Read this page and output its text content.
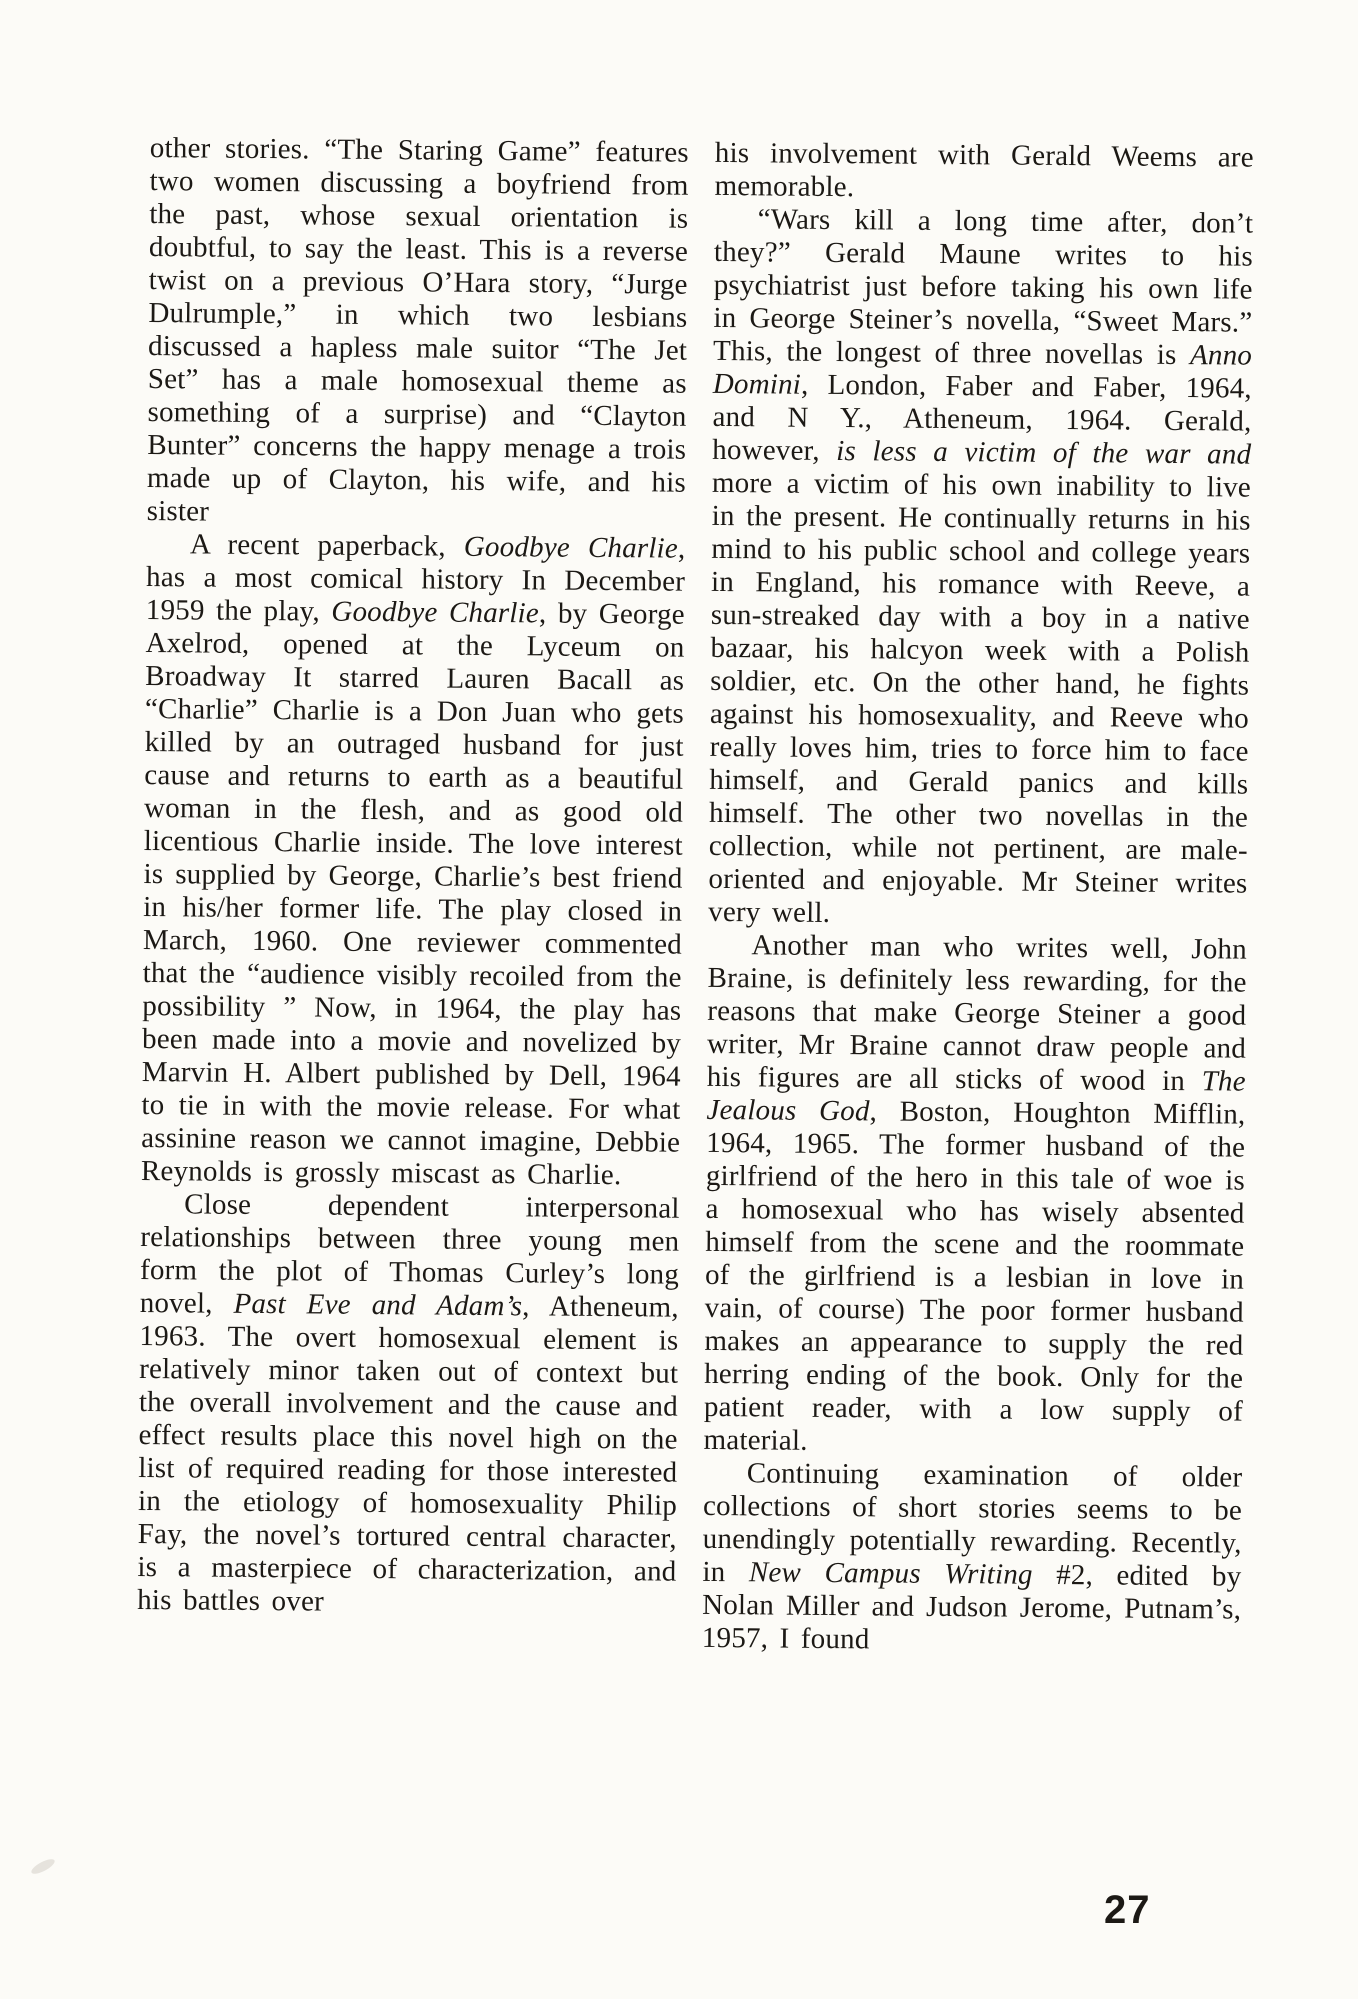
other stories. “The Staring Game” features two women discussing a boyfriend from the past, whose sexual orientation is doubtful, to say the least. This is a reverse twist on a previous O’Hara story, “Jurge Dulrumple,” in which two lesbians discussed a hapless male suitor “The Jet Set” has a male homosexual theme as something of a surprise) and “Clayton Bunter” concerns the happy menage a trois made up of Clayton, his wife, and his sister

A recent paperback, Goodbye Charlie, has a most comical history In December 1959 the play, Goodbye Charlie, by George Axelrod, opened at the Lyceum on Broadway It starred Lauren Bacall as “Charlie” Charlie is a Don Juan who gets killed by an outraged husband for just cause and returns to earth as a beautiful woman in the flesh, and as good old licentious Charlie inside. The love interest is supplied by George, Charlie’s best friend in his/her former life. The play closed in March, 1960. One reviewer commented that the “audience visibly recoiled from the possibility ” Now, in 1964, the play has been made into a movie and novelized by Marvin H. Albert published by Dell, 1964 to tie in with the movie release. For what assinine reason we cannot imagine, Debbie Reynolds is grossly miscast as Charlie.

Close dependent interpersonal relationships between three young men form the plot of Thomas Curley’s long novel, Past Eve and Adam’s, Atheneum, 1963. The overt homosexual element is relatively minor taken out of context but the overall involvement and the cause and effect results place this novel high on the list of required reading for those interested in the etiology of homosexuality Philip Fay, the novel’s tortured central character, is a masterpiece of characterization, and his battles over

his involvement with Gerald Weems are memorable.

“Wars kill a long time after, don’t they?” Gerald Maune writes to his psychiatrist just before taking his own life in George Steiner’s novella, “Sweet Mars.” This, the longest of three novellas is Anno Domini, London, Faber and Faber, 1964, and N Y., Atheneum, 1964. Gerald, however, is less a victim of the war and more a victim of his own inability to live in the present. He continually returns in his mind to his public school and college years in England, his romance with Reeve, a sun-streaked day with a boy in a native bazaar, his halcyon week with a Polish soldier, etc. On the other hand, he fights against his homosexuality, and Reeve who really loves him, tries to force him to face himself, and Gerald panics and kills himself. The other two novellas in the collection, while not pertinent, are male-oriented and enjoyable. Mr Steiner writes very well.

Another man who writes well, John Braine, is definitely less rewarding, for the reasons that make George Steiner a good writer, Mr Braine cannot draw people and his figures are all sticks of wood in The Jealous God, Boston, Houghton Mifflin, 1964, 1965. The former husband of the girlfriend of the hero in this tale of woe is a homosexual who has wisely absented himself from the scene and the roommate of the girlfriend is a lesbian in love in vain, of course) The poor former husband makes an appearance to supply the red herring ending of the book. Only for the patient reader, with a low supply of material.

Continuing examination of older collections of short stories seems to be unendingly potentially rewarding. Recently, in New Campus Writing #2, edited by Nolan Miller and Judson Jerome, Putnam’s, 1957, I found

27
